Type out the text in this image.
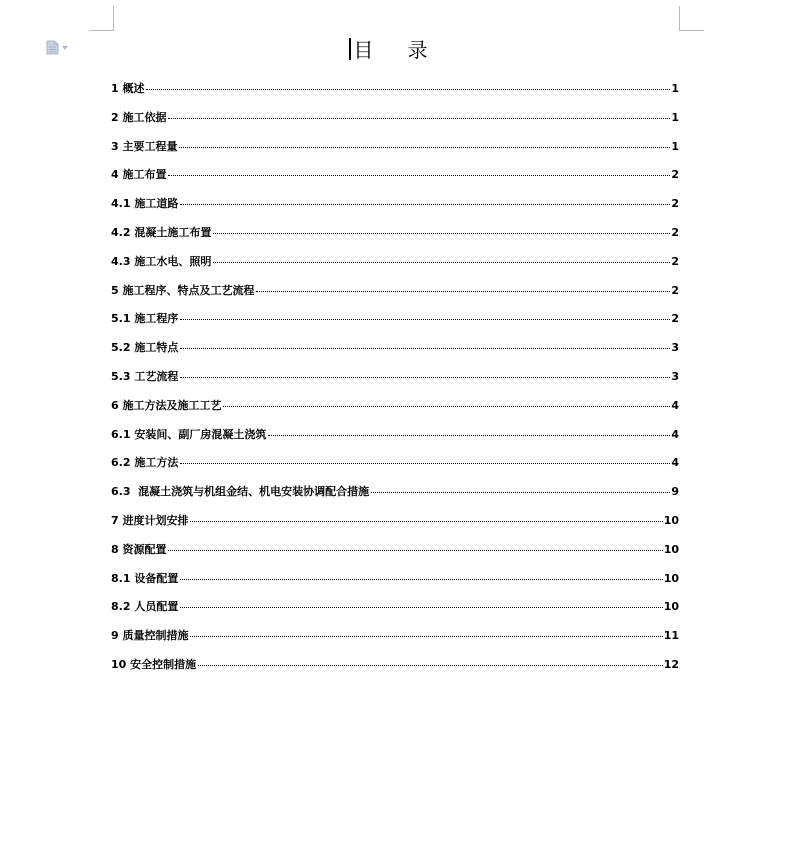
目 录
1 概述	1
2 施工依据	1
3 主要工程量	1
4 施工布置	2
4.1 施工道路	2
4.2 混凝土施工布置	2
4.3 施工水电、照明	2
5 施工程序、特点及工艺流程	2
5.1 施工程序	2
5.2 施工特点	3
5.3 工艺流程	3
6 施工方法及施工工艺	4
6.1 安装间、副厂房混凝土浇筑	4
6.2 施工方法	4
6.3  混凝土浇筑与机组金结、机电安装协调配合措施	9
7 进度计划安排	10
8 资源配置	10
8.1 设备配置	10
8.2 人员配置	10
9 质量控制措施	11
10 安全控制措施	12
